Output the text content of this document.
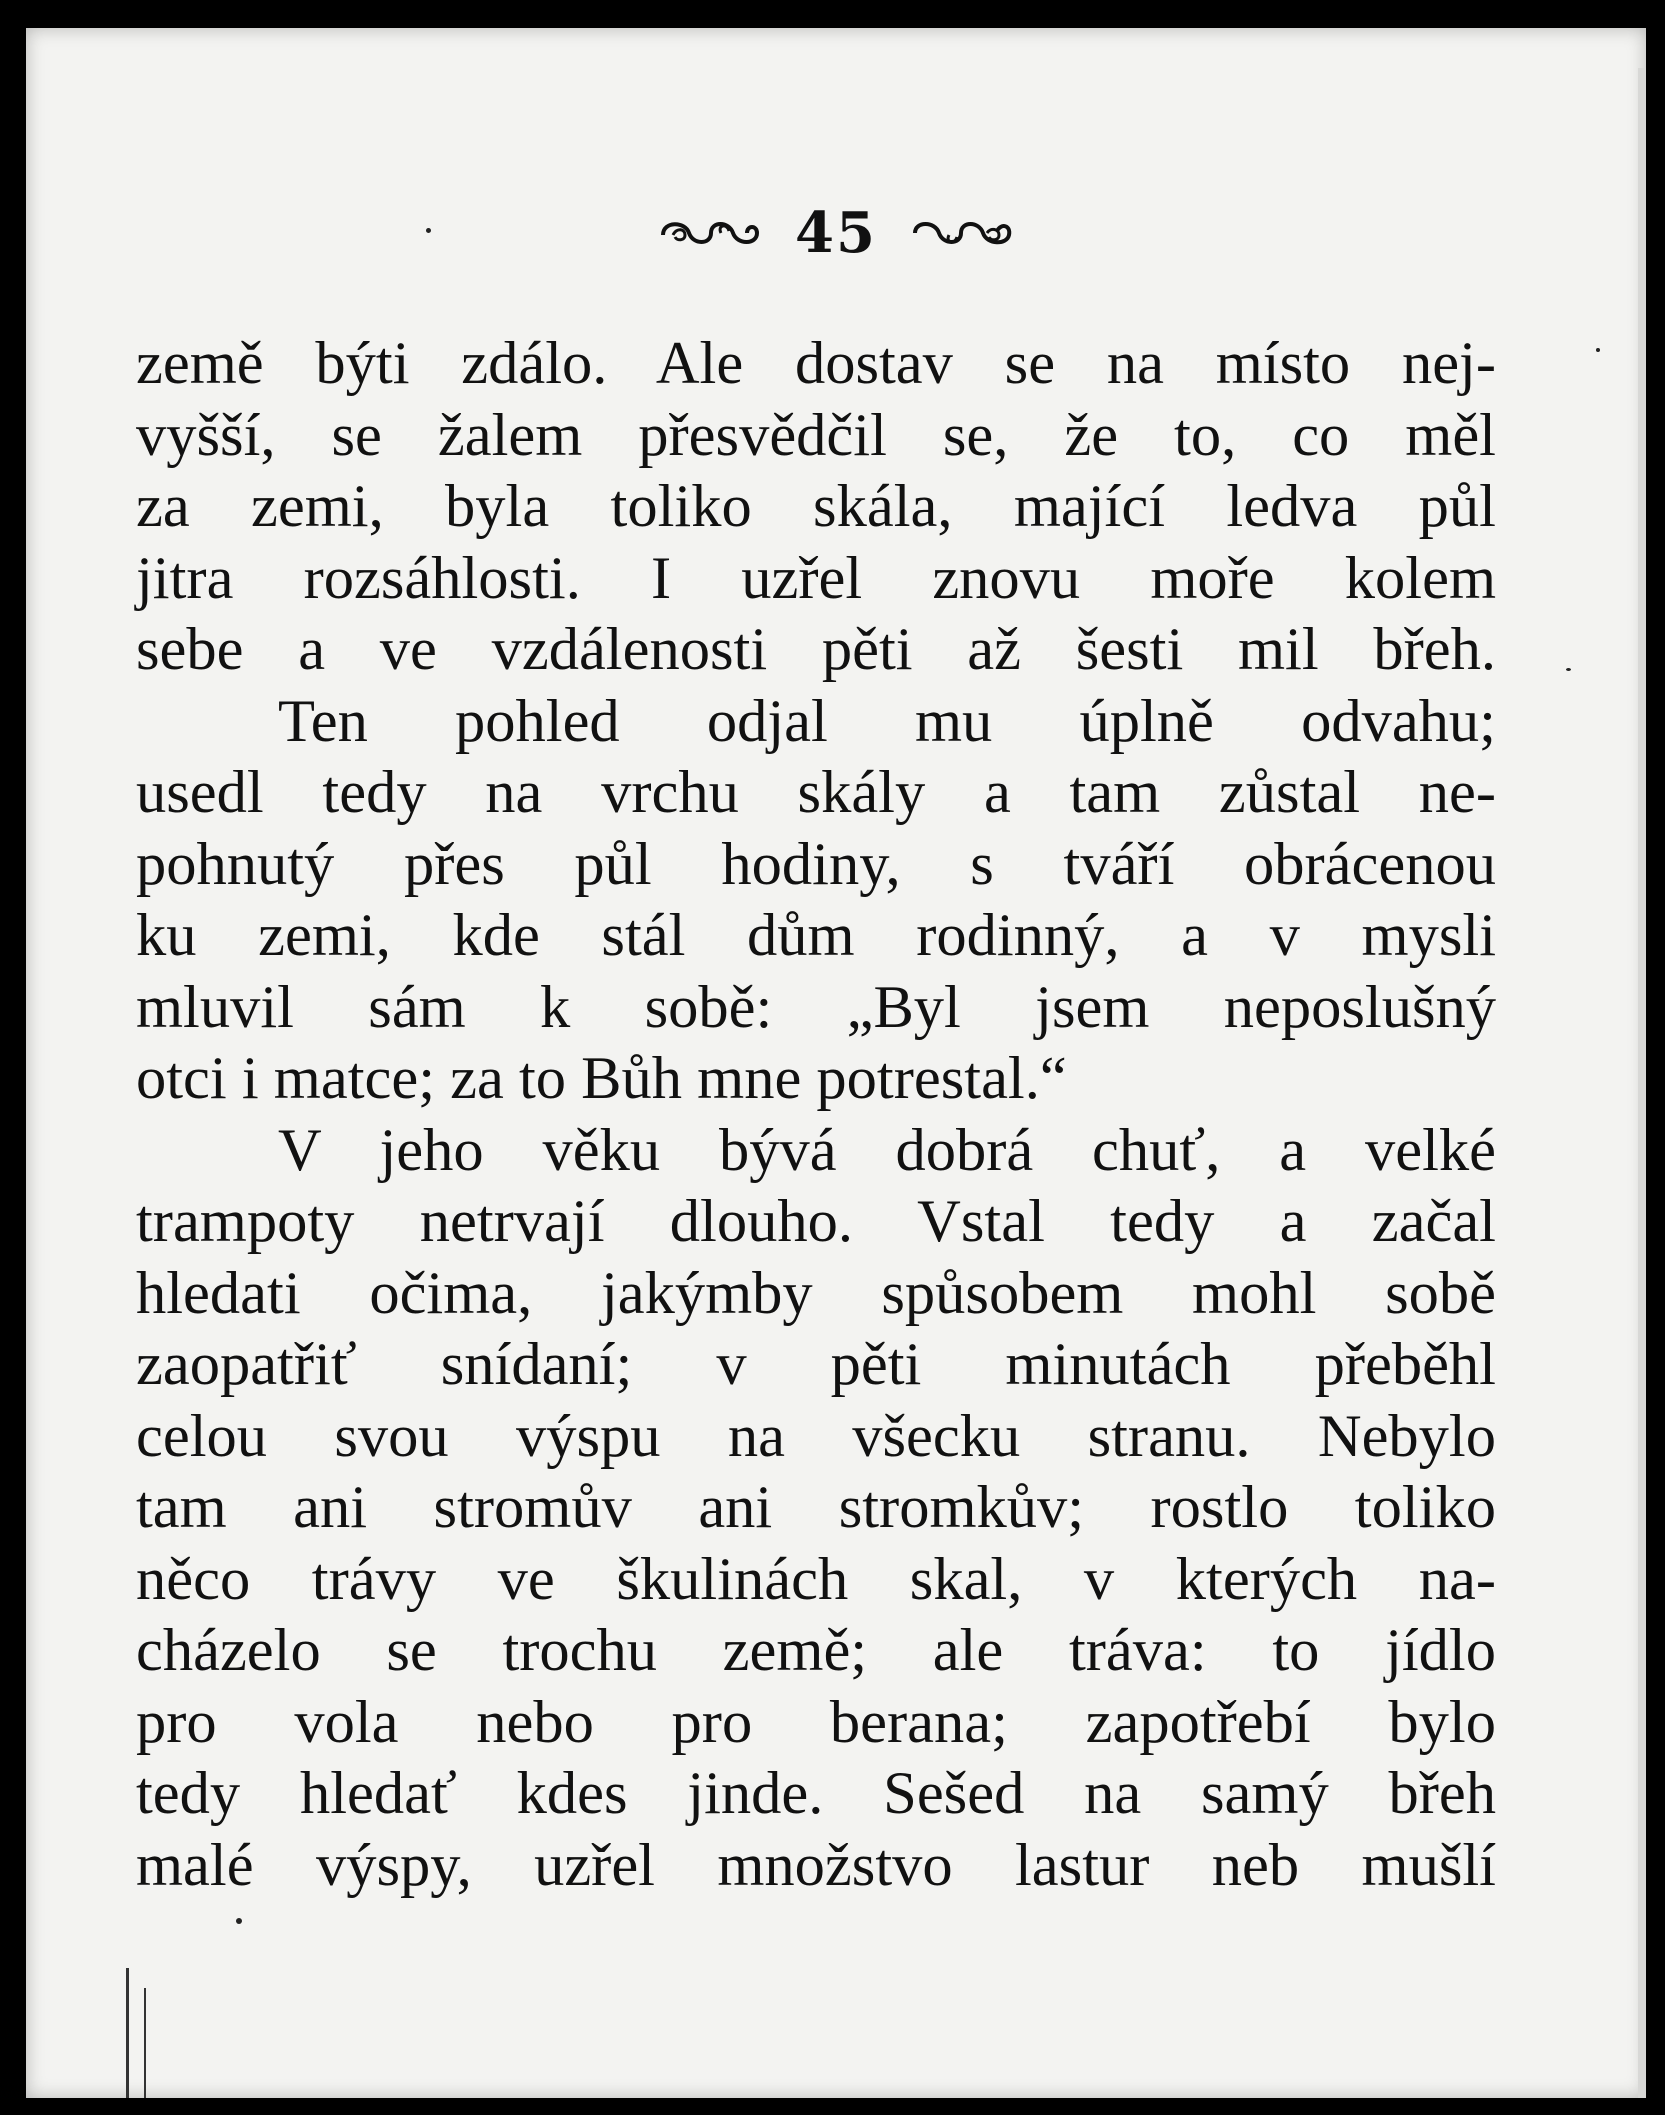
45
země býti zdálo. Ale dostav se na místo nej-
vyšší, se žalem přesvědčil se, že to, co měl
za zemi, byla toliko skála, mající ledva půl
jitra rozsáhlosti. I uzřel znovu moře kolem
sebe a ve vzdálenosti pěti až šesti mil břeh.
Ten pohled odjal mu úplně odvahu;
usedl tedy na vrchu skály a tam zůstal ne-
pohnutý přes půl hodiny, s tváří obrácenou
ku zemi, kde stál dům rodinný, a v mysli
mluvil sám k sobě: „Byl jsem neposlušný
otci i matce; za to Bůh mne potrestal.“
V jeho věku bývá dobrá chuť, a velké
trampoty netrvají dlouho. Vstal tedy a začal
hledati očima, jakýmby spůsobem mohl sobě
zaopatřiť snídaní; v pěti minutách přeběhl
celou svou výspu na všecku stranu. Nebylo
tam ani stromův ani stromkův; rostlo toliko
něco trávy ve škulinách skal, v kterých na-
cházelo se trochu země; ale tráva: to jídlo
pro vola nebo pro berana; zapotřebí bylo
tedy hledať kdes jinde. Sešed na samý břeh
malé výspy, uzřel množstvo lastur neb mušlí
